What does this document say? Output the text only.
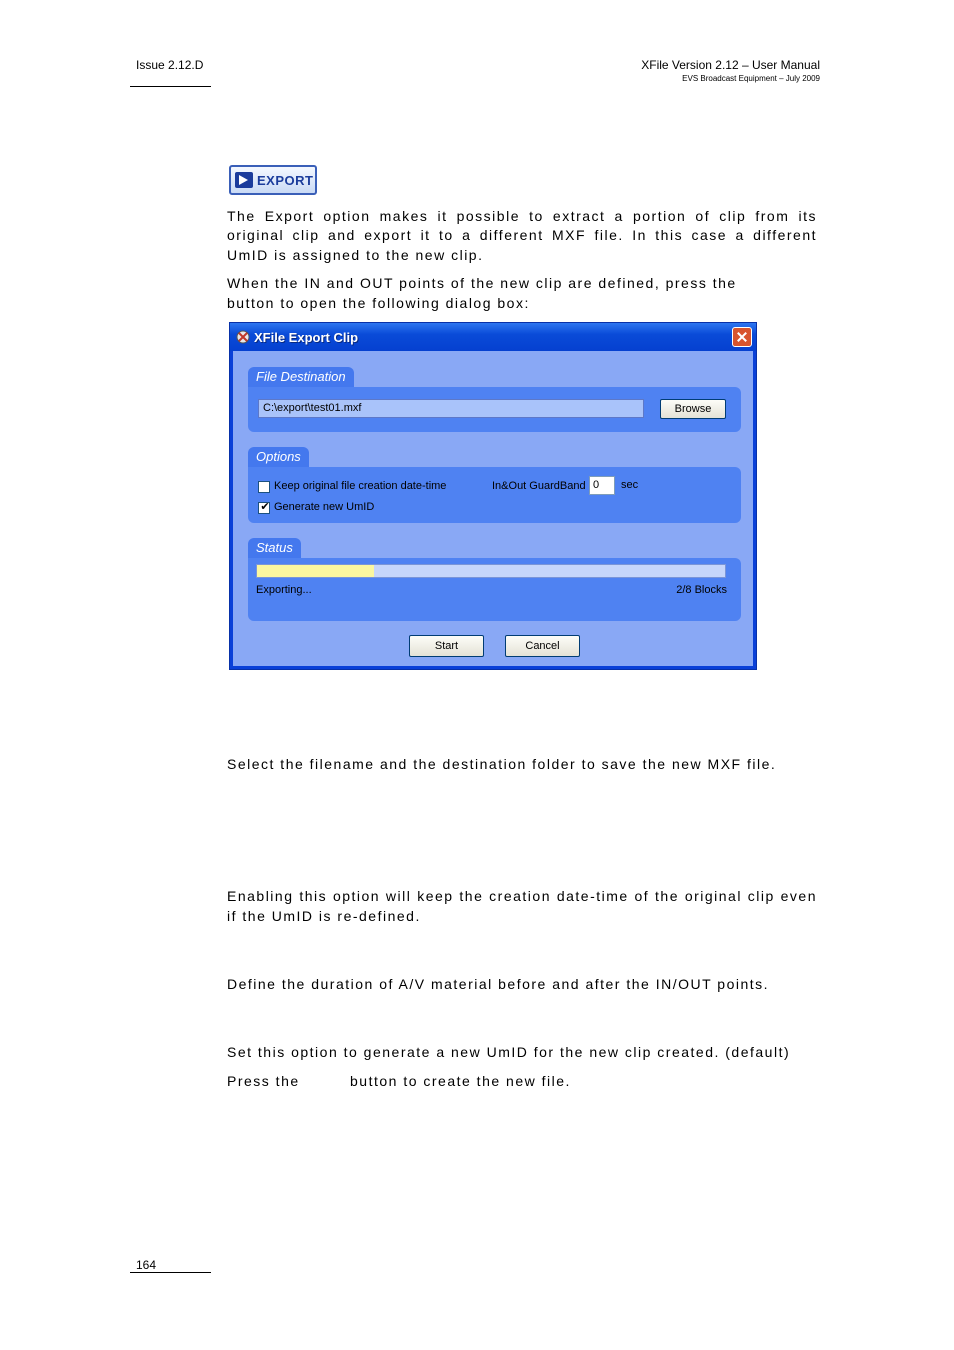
Issue 2.12.D	XFile Version 2.12 – User Manual
EVS Broadcast Equipment – July 2009
EXPORT
The Export option makes it possible to extract a portion of clip from its
original clip and export it to a different MXF file. In this case a different
UmID is assigned to the new clip.
When the IN and OUT points of the new clip are defined, press the
button to open the following dialog box:
XFile Export Clip
File Destination
C:\export\test01.mxf	Browse
Options
Keep original file creation date-time
✔ Generate new UmID
In&Out GuardBand 0	sec
Status
Exporting...	2/8 Blocks
Start	Cancel
Select the filename and the destination folder to save the new MXF file.
Enabling this option will keep the creation date-time of the original clip even
if the UmID is re-defined.
Define the duration of A/V material before and after the IN/OUT points.
Set this option to generate a new UmID for the new clip created. (default)
Press the	button to create the new file.
164
